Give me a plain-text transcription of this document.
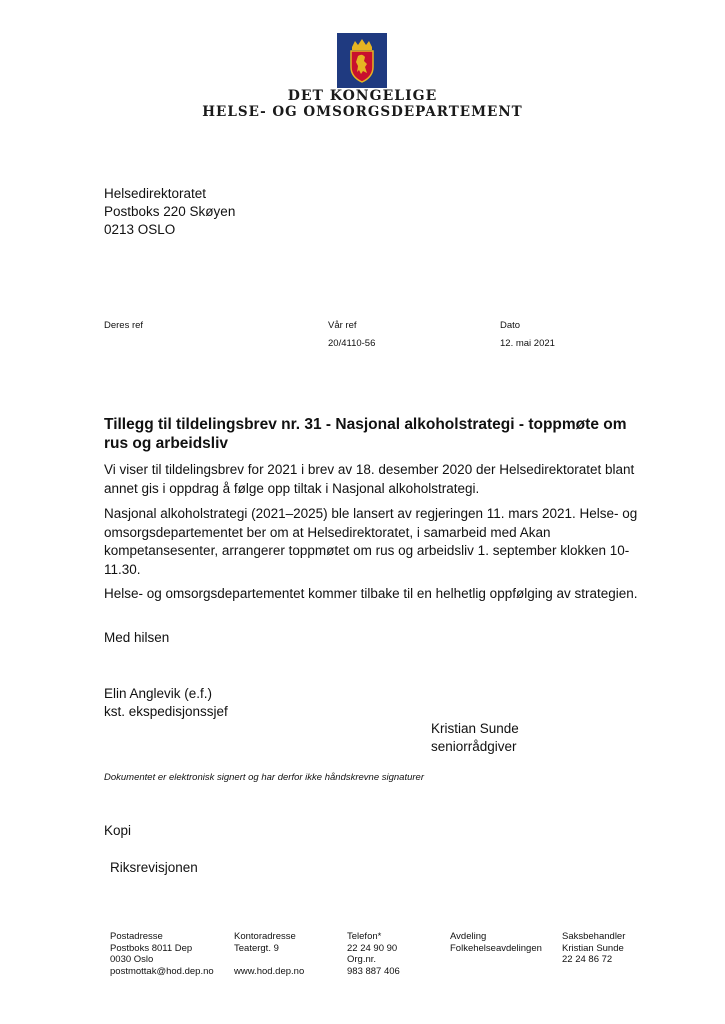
DET KONGELIGE
HELSE- OG OMSORGSDEPARTEMENT
Helsedirektoratet
Postboks 220 Skøyen
0213 OSLO
Deres ref	Vår ref
20/4110-56
Dato
12. mai 2021
Tillegg til tildelingsbrev nr. 31 - Nasjonal alkoholstrategi - toppmøte om rus og arbeidsliv
Vi viser til tildelingsbrev for 2021 i brev av 18. desember 2020 der Helsedirektoratet blant annet gis i oppdrag å følge opp tiltak i Nasjonal alkoholstrategi.
Nasjonal alkoholstrategi (2021–2025) ble lansert av regjeringen 11. mars 2021. Helse- og omsorgsdepartementet ber om at Helsedirektoratet, i samarbeid med Akan kompetansesenter, arrangerer toppmøtet om rus og arbeidsliv 1. september klokken 10-11.30.
Helse- og omsorgsdepartementet kommer tilbake til en helhetlig oppfølging av strategien.
Med hilsen
Elin Anglevik (e.f.)
kst. ekspedisjonssjef
Kristian Sunde
seniorrådgiver
Dokumentet er elektronisk signert og har derfor ikke håndskrevne signaturer
Kopi
Riksrevisjonen
Postadresse
Postboks 8011 Dep
0030 Oslo
postmottak@hod.dep.no
Kontoradresse
Teatergt. 9

www.hod.dep.no
Telefon*
22 24 90 90
Org.nr.
983 887 406
Avdeling
Folkehelseavdelingen
Saksbehandler
Kristian Sunde
22 24 86 72
